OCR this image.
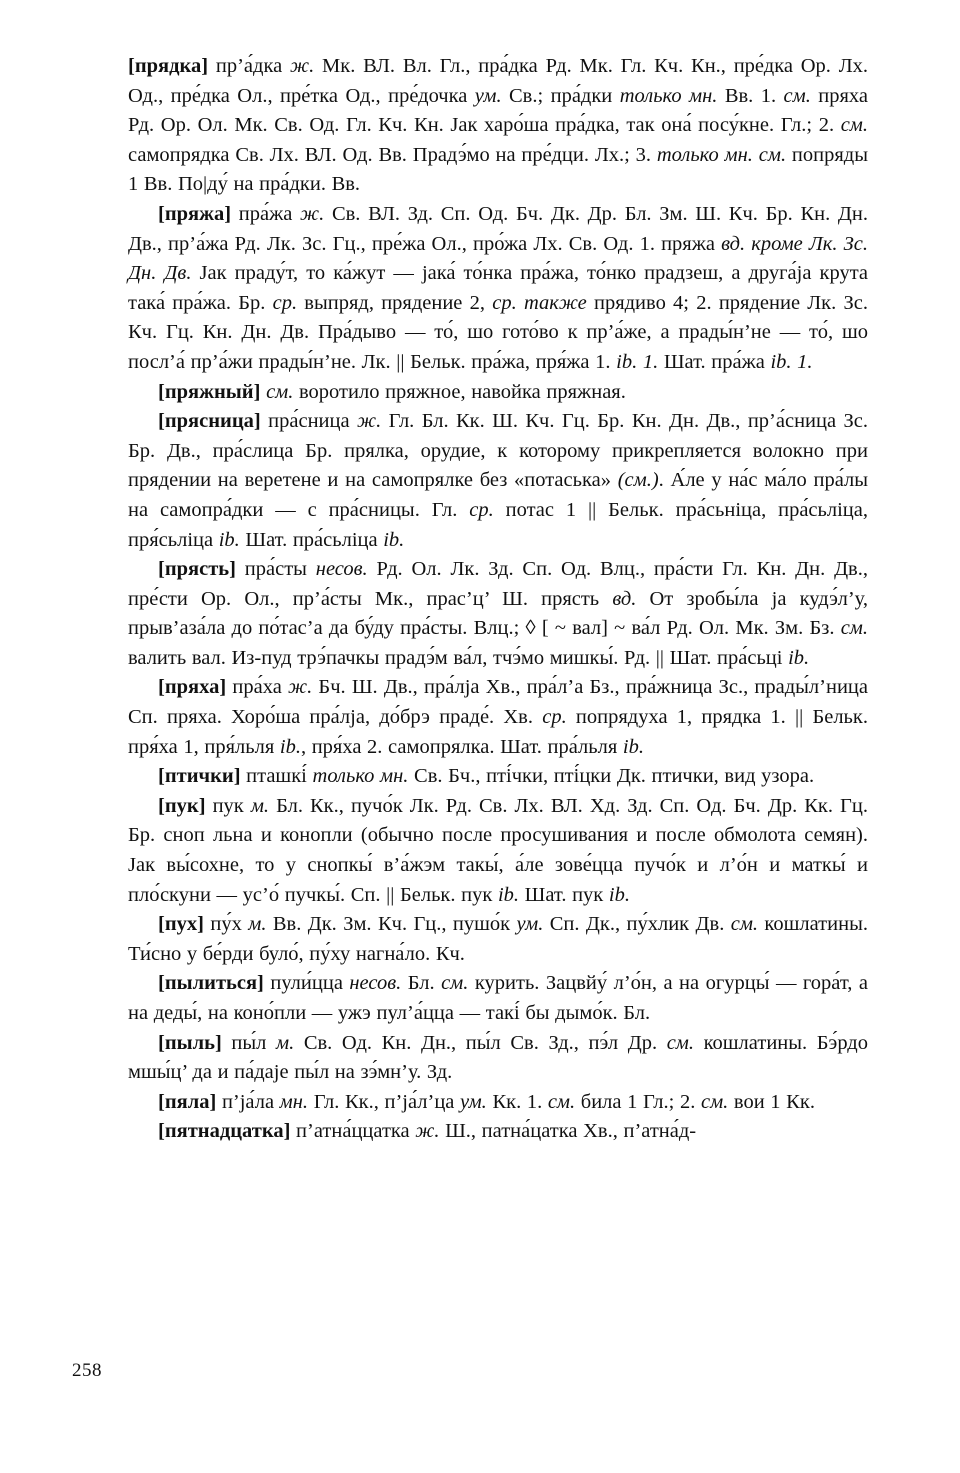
[прядка] пр’а́дка ж. Мк. ВЛ. Вл. Гл., пра́дка Рд. Мк. Гл. Кч. Кн., пре́дка Ор. Лх. Од., пре́дка Ол., пре́тка Од., пре́дочка ум. Св.; пра́дки только мн. Вв. 1. см. пряха Рд. Ор. Ол. Мк. Св. Од. Гл. Кч. Кн. Jак харо́ша пра́дка, так она́ посу́кне. Гл.; 2. см. самопрядка Св. Лх. ВЛ. Од. Вв. Прадэ́мо на пре́дци. Лх.; 3. только мн. см. попряды 1 Вв. По|ду́ на пра́дки. Вв.

[пряжа] пра́жа ж. Св. ВЛ. Зд. Сп. Од. Бч. Дк. Др. Бл. Зм. Ш. Кч. Бр. Кн. Дн. Дв., пр’а́жа Рд. Лк. Зс. Гц., пре́жа Ол., про́жа Лх. Св. Од. 1. пряжа вд. кроме Лк. Зс. Дн. Дв. Jак праду́т, то ка́жут — jака́ то́нка пра́жа, то́нко прадзеш, а друга́jа крута така́ пра́жа. Бр. ср. выпряд, прядение 2, ср. также прядиво 4; 2. прядение Лк. Зс. Кч. Гц. Кн. Дн. Дв. Пра́дыво — то́, шо гото́во к пр’а́же, а прады́н’не — то́, шо посл’а́ пр’а́жи прады́н’не. Лк. || Бельк. пра́жа, пря́жа 1. ib. 1. Шат. пра́жа ib. 1.

[пряжный] см. воротило пряжное, навойка пряжная.

[прясница] пра́сница ж. Гл. Бл. Кк. Ш. Кч. Гц. Бр. Кн. Дн. Дв., пр’а́сница Зс. Бр. Дв., пра́слица Бр. прялка, орудие, к которому прикрепляется волокно при прядении на веретене и на самопрялке без «потаська» (см.). А́ле у на́с ма́ло пра́лы на самопра́дки — с пра́сницы. Гл. ср. потас 1 || Бельк. пра́сьніца, пра́сьліца, пря́сьліца ib. Шат. пра́сьліца ib.

[прясть] пра́сты несов. Рд. Ол. Лк. Зд. Сп. Од. Влц., пра́сти Гл. Кн. Дн. Дв., пре́сти Ор. Ол., пр’а́сты Мк., прас’ц’ Ш. прясть вд. От зробы́ла jа кудэ́л’у, прыв’аза́ла до по́тас’а да бу́ду пра́сты. Влц.; ◊ [ ~ вал] ~ ва́л Рд. Ол. Мк. Зм. Бз. см. валить вал. Из-пуд трэ́пачкы прадэ́м ва́л, тчэ́мо мишкы́. Рд. || Шат. пра́сьці ib.

[пряха] пра́ха ж. Бч. Ш. Дв., пра́лjа Хв., пра́л’а Бз., пра́жница Зс., прады́л’ница Сп. пряха. Хоро́ша пра́лjа, до́брэ праде́. Хв. ср. попрядуха 1, прядка 1. || Бельк. пря́ха 1, пря́льля ib., пря́ха 2. самопрялка. Шат. пра́льля ib.

[птички] пташкі́ только мн. Св. Бч., пті́чки, пті́цки Дк. птички, вид узора.

[пук] пук м. Бл. Кк., пучо́к Лк. Рд. Св. Лх. ВЛ. Хд. Зд. Сп. Од. Бч. Др. Кк. Гц. Бр. сноп льна и конопли (обычно после просушивания и после обмолота семян). Jак вы́сохне, то у снопкы́ в’а́жэм такы́, а́ле зове́цца пучо́к и л’о́н и маткы́ и пло́скуни — ус’о́ пучкы́. Сп. || Бельк. пук ib. Шат. пук ib.

[пух] пу́х м. Вв. Дк. Зм. Кч. Гц., пушо́к ум. Сп. Дк., пу́хлик Дв. см. кошлатины. Ти́сно у бе́рди було́, пу́ху нагна́ло. Кч.

[пылиться] пули́цца несов. Бл. см. курить. Зацвйу́ л’о́н, а на огурцы́ — гора́т, а на деды́, на коно́пли — ужэ пул’а́цца — такі́ бы дымо́к. Бл.

[пыль] пы́л м. Св. Од. Кн. Дн., пы́л Св. Зд., пэ́л Др. см. кошлатины. Бэ́рдо мшы́ц’ да и па́даjе пы́л на зэ́мн’у. Зд.

[пяла] п’jа́ла мн. Гл. Кк., п’jа́л’ца ум. Кк. 1. см. била 1 Гл.; 2. см. вои 1 Кк.

[пятнадцатка] п’атна́ццатка ж. Ш., патна́цатка Хв., п’атна́д-

258
